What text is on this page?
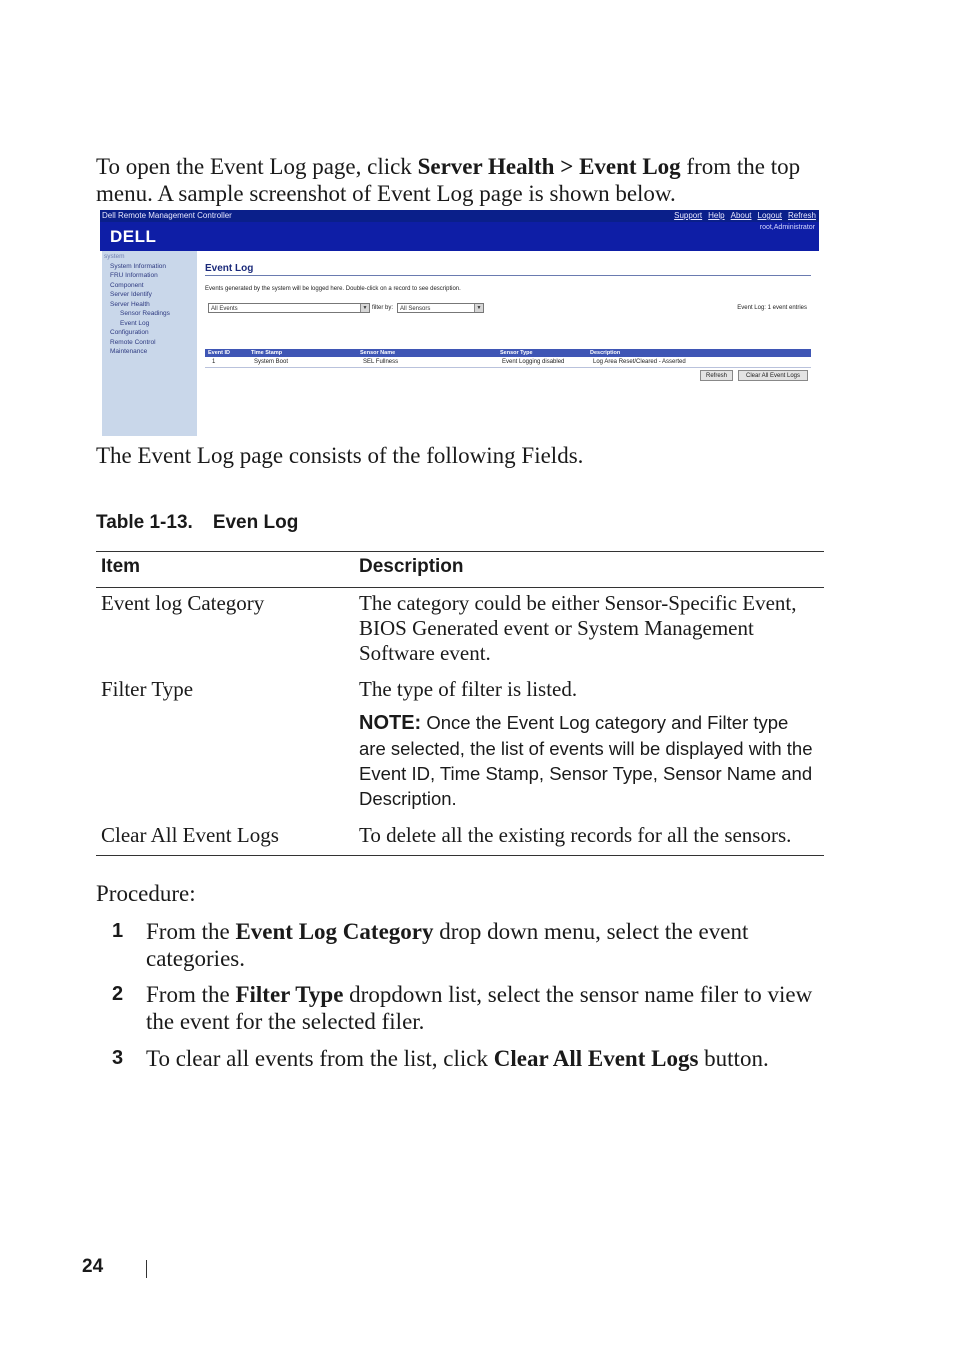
To open the Event Log page, click Server Health > Event Log from the top menu. A sample screenshot of Event Log page is shown below.
Dell Remote Management Controller	Support Help About Logout Refresh
DELL	root,Administrator
system
System Information
FRU Information
Component
Server Identify
Server Health
Sensor Readings
Event Log
Configuration
Remote Control
Maintenance
Event Log
Events generated by the system will be logged here. Double-click on a record to see description.
All Events	▼ filter by:	All Sensors	▼	Event Log: 1 event entries
Event ID	Time Stamp	Sensor Name	Sensor Type	Description
1	System Boot	SEL Fullness	Event Logging disabled	Log Area Reset/Cleared - Asserted
Refresh	Clear All Event Logs
The Event Log page consists of the following Fields.
Table 1-13. Even Log
Item	Description
Event log Category	The category could be either Sensor-Specific Event,
BIOS Generated event or System Management
Software event.
Filter Type	The type of filter is listed.
NOTE: Once the Event Log category and Filter type are selected, the list of events will be displayed with the Event ID, Time Stamp, Sensor Type, Sensor Name and Description.
Clear All Event Logs	To delete all the existing records for all the sensors.
Procedure:
1 From the Event Log Category drop down menu, select the event categories.
2 From the Filter Type dropdown list, select the sensor name filer to view the event for the selected filer.
3 To clear all events from the list, click Clear All Event Logs button.
24
